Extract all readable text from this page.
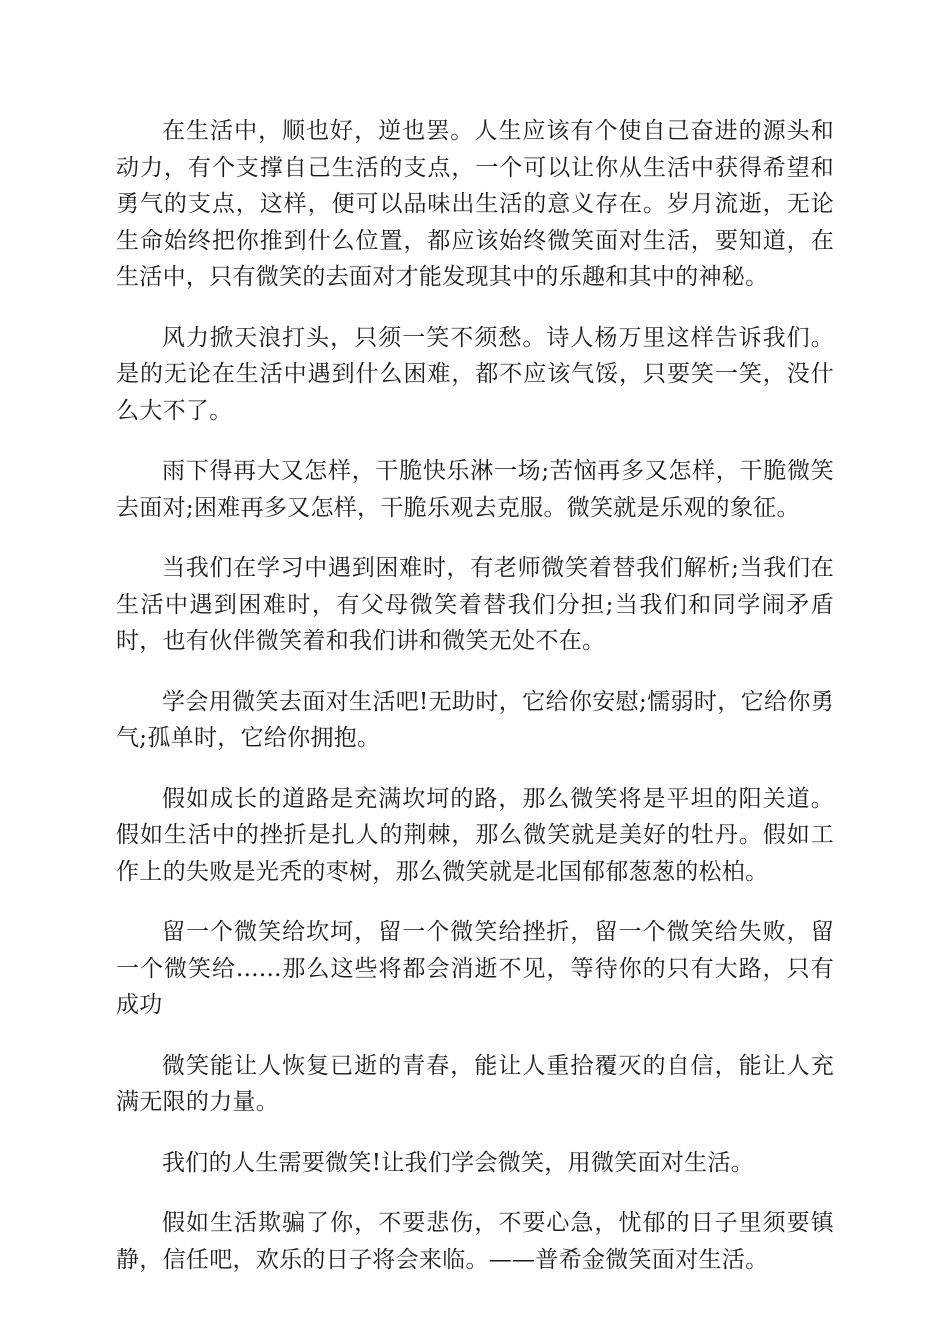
在生活中，顺也好，逆也罢。人生应该有个使自己奋进的源头和动力，有个支撑自己生活的支点，一个可以让你从生活中获得希望和勇气的支点，这样，便可以品味出生活的意义存在。岁月流逝，无论生命始终把你推到什么位置，都应该始终微笑面对生活，要知道，在生活中，只有微笑的去面对才能发现其中的乐趣和其中的神秘。

风力掀天浪打头，只须一笑不须愁。诗人杨万里这样告诉我们。是的无论在生活中遇到什么困难，都不应该气馁，只要笑一笑，没什么大不了。

雨下得再大又怎样，干脆快乐淋一场;苦恼再多又怎样，干脆微笑去面对;困难再多又怎样，干脆乐观去克服。微笑就是乐观的象征。

当我们在学习中遇到困难时，有老师微笑着替我们解析;当我们在生活中遇到困难时，有父母微笑着替我们分担;当我们和同学闹矛盾时，也有伙伴微笑着和我们讲和微笑无处不在。

学会用微笑去面对生活吧!无助时，它给你安慰;懦弱时，它给你勇气;孤单时，它给你拥抱。

假如成长的道路是充满坎坷的路，那么微笑将是平坦的阳关道。假如生活中的挫折是扎人的荆棘，那么微笑就是美好的牡丹。假如工作上的失败是光秃的枣树，那么微笑就是北国郁郁葱葱的松柏。

留一个微笑给坎坷，留一个微笑给挫折，留一个微笑给失败，留一个微笑给......那么这些将都会消逝不见，等待你的只有大路，只有成功

微笑能让人恢复已逝的青春，能让人重拾覆灭的自信，能让人充满无限的力量。

我们的人生需要微笑!让我们学会微笑，用微笑面对生活。

假如生活欺骗了你，不要悲伤，不要心急，忧郁的日子里须要镇静，信任吧，欢乐的日子将会来临。——普希金微笑面对生活。
